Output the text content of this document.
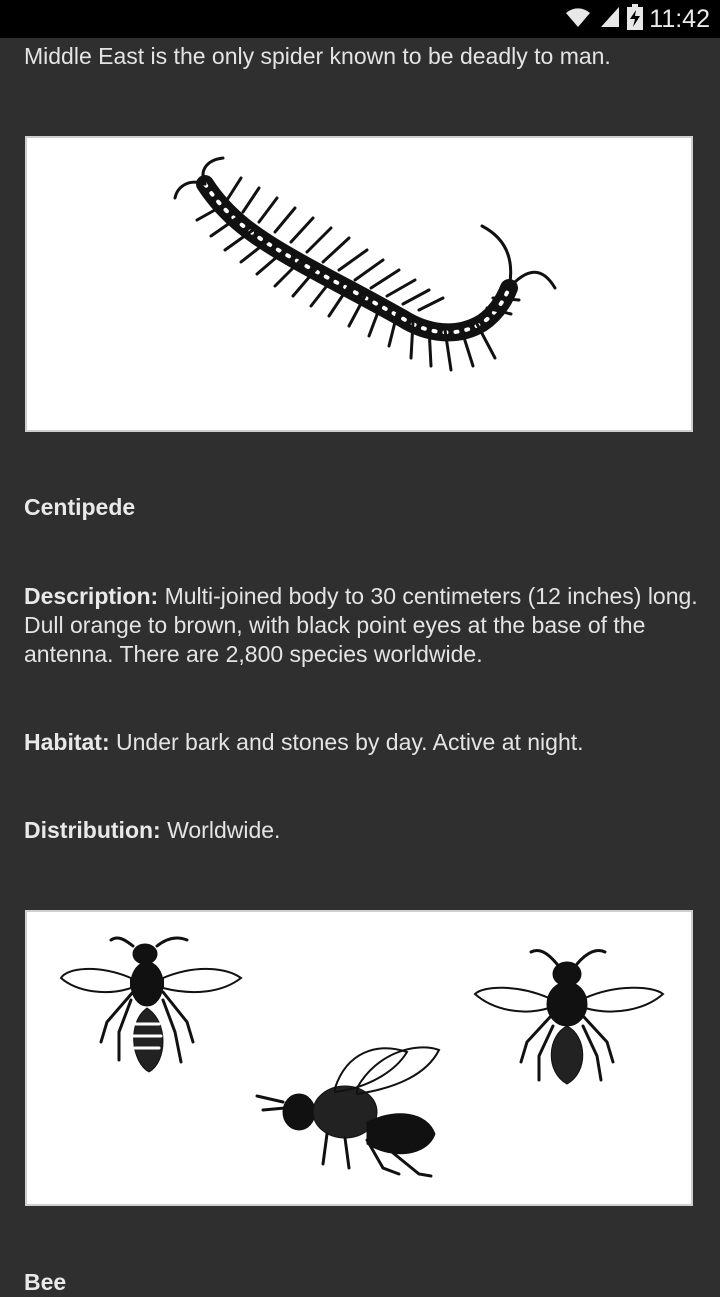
Middle East is the only spider known to be deadly to man.
Centipede
Description: Multi-joined body to 30 centimeters (12 inches) long. Dull orange to brown, with black point eyes at the base of the antenna. There are 2,800 species worldwide.
Habitat: Under bark and stones by day. Active at night.
Distribution: Worldwide.
Bee
11:42
